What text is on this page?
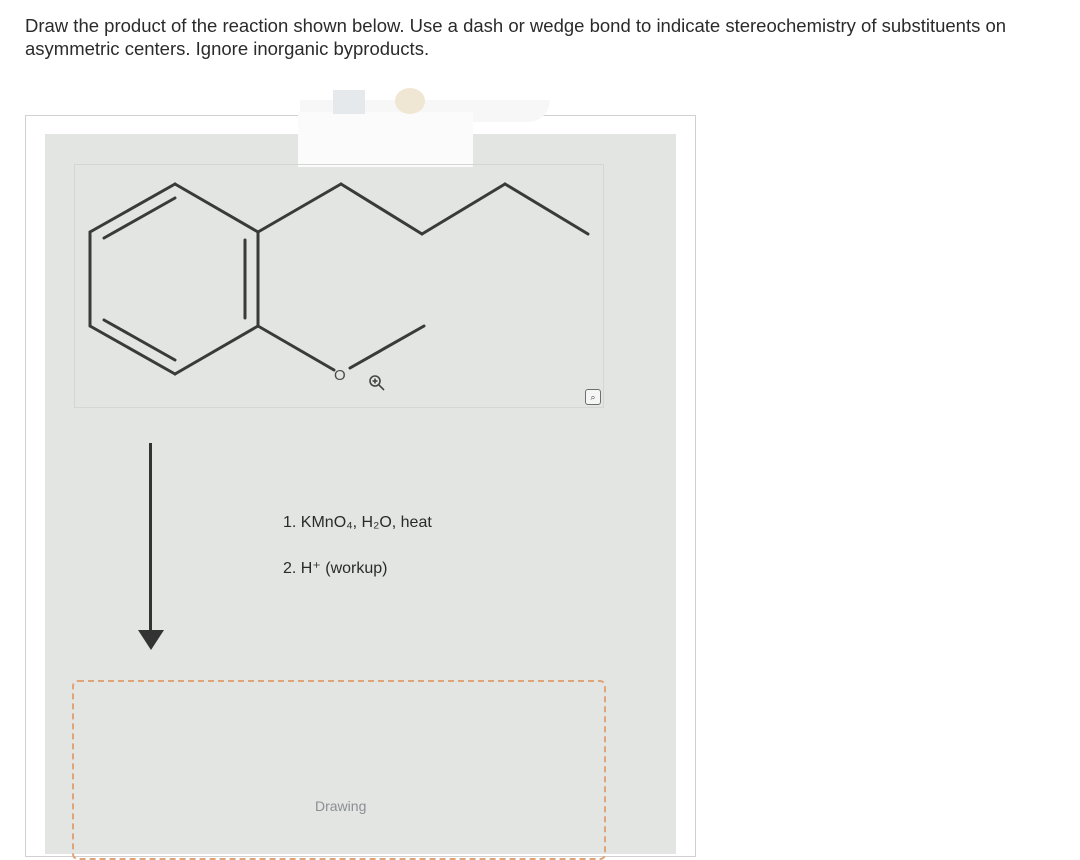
Draw the product of the reaction shown below. Use a dash or wedge bond to indicate stereochemistry of substituents on asymmetric centers. Ignore inorganic byproducts.
O
⌕
1. KMnO₄, H₂O, heat
2. H⁺ (workup)
Drawing
